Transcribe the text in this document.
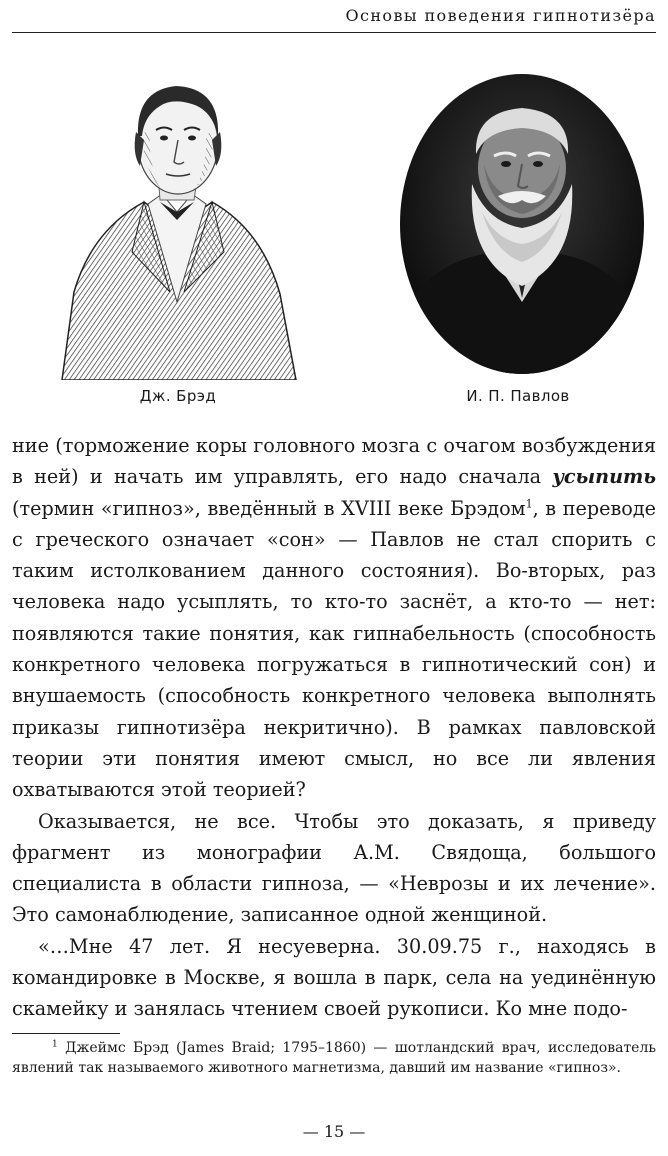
Основы поведения гипнотизёра
Дж. Брэд	И. П. Павлов

ние (торможение коры головного мозга с очагом возбуждения в ней) и начать им управлять, его надо сначала усыпить (термин «гипноз», введённый в XVIII веке Брэдом$^1$, в переводе с греческого означает «сон» — Павлов не стал спорить с таким истолкованием данного состояния). Во-вторых, раз человека надо усыплять, то кто-то заснёт, а кто-то — нет: появляются такие понятия, как гипнабельность (способность конкретного человека погружаться в гипнотический сон) и внушаемость (способность конкретного человека выполнять приказы гипнотизёра некритично). В рамках павловской теории эти понятия имеют смысл, но все ли явления охватываются этой теорией?

Оказывается, не все. Чтобы это доказать, я приведу фрагмент из монографии А.М. Свядоща, большого специалиста в области гипноза, — «Неврозы и их лечение». Это самонаблюдение, записанное одной женщиной.

«…Мне 47 лет. Я несуеверна. 30.09.75 г., находясь в командировке в Москве, я вошла в парк, села на уединённую скамейку и занялась чтением своей рукописи. Ко мне подо-

$^1$ Джеймс Брэд (James Braid; 1795–1860) — шотландский врач, исследователь явлений так называемого животного магнетизма, давший им название «гипноз».
— 15 —
